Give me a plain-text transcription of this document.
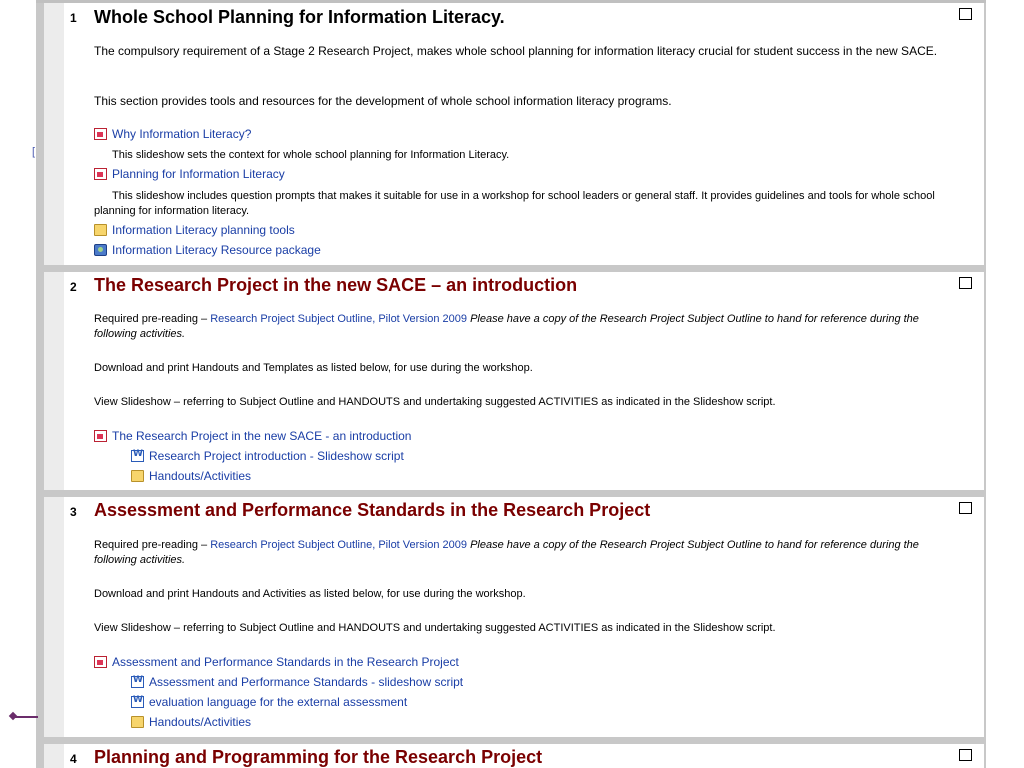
[
1 Whole School Planning for Information Literacy.
The compulsory requirement of a Stage 2 Research Project, makes whole school planning for information literacy crucial for student success in the new SACE.
This section provides tools and resources for the development of whole school information literacy programs.
Why Information Literacy?
This slideshow sets the context for whole school planning for Information Literacy.
Planning for Information Literacy
This slideshow includes question prompts that makes it suitable for use in a workshop for school leaders or general staff. It provides guidelines and tools for whole school planning for information literacy.
Information Literacy planning tools
Information Literacy Resource package
2 The Research Project in the new SACE – an introduction
Required pre-reading – Research Project Subject Outline, Pilot Version 2009 Please have a copy of the Research Project Subject Outline to hand for reference during the following activities.
Download and print Handouts and Templates as listed below, for use during the workshop.
View Slideshow – referring to Subject Outline and HANDOUTS and undertaking suggested ACTIVITIES as indicated in the Slideshow script.
The Research Project in the new SACE - an introduction
W
Research Project introduction - Slideshow script
Handouts/Activities
3 Assessment and Performance Standards in the Research Project
Required pre-reading – Research Project Subject Outline, Pilot Version 2009 Please have a copy of the Research Project Subject Outline to hand for reference during the following activities.
Download and print Handouts and Activities as listed below, for use during the workshop.
View Slideshow – referring to Subject Outline and HANDOUTS and undertaking suggested ACTIVITIES as indicated in the Slideshow script.
Assessment and Performance Standards in the Research Project
W
Assessment and Performance Standards - slideshow script
W
evaluation language for the external assessment
Handouts/Activities
4 Planning and Programming for the Research Project
